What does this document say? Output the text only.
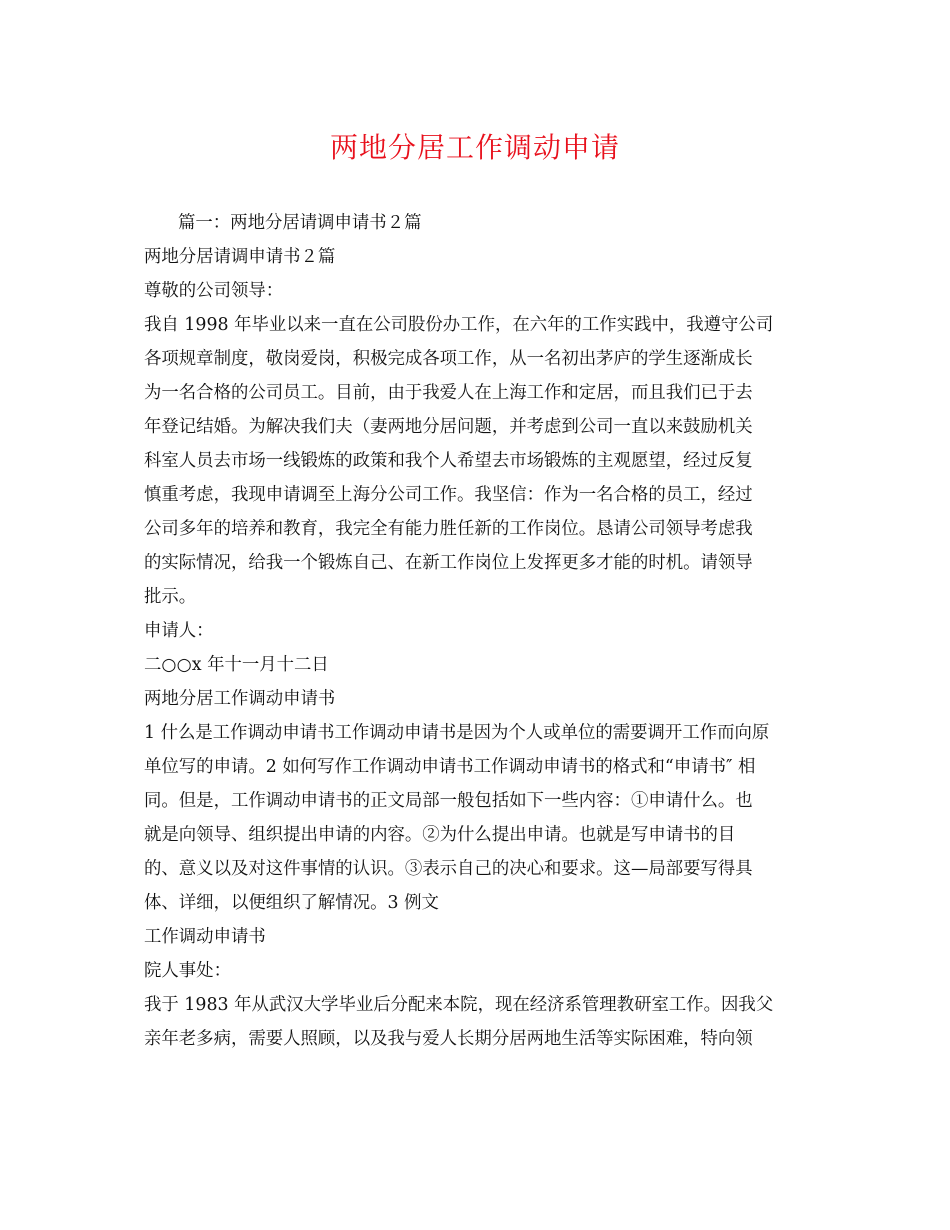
两地分居工作调动申请
篇一：两地分居请调申请书２篇
两地分居请调申请书２篇
尊敬的公司领导：
我自 1998 年毕业以来一直在公司股份办工作，在六年的工作实践中，我遵守公司
各项规章制度，敬岗爱岗，积极完成各项工作，从一名初出茅庐的学生逐渐成长
为一名合格的公司员工。目前，由于我爱人在上海工作和定居，而且我们已于去
年登记结婚。为解决我们夫（妻两地分居问题，并考虑到公司一直以来鼓励机关
科室人员去市场一线锻炼的政策和我个人希望去市场锻炼的主观愿望，经过反复
慎重考虑，我现申请调至上海分公司工作。我坚信：作为一名合格的员工，经过
公司多年的培养和教育，我完全有能力胜任新的工作岗位。恳请公司领导考虑我
的实际情况，给我一个锻炼自己、在新工作岗位上发挥更多才能的时机。请领导
批示。
申请人：
二○○x 年十一月十二日
两地分居工作调动申请书
1 什么是工作调动申请书工作调动申请书是因为个人或单位的需要调开工作而向原
单位写的申请。2 如何写作工作调动申请书工作调动申请书的格式和“申请书″ 相
同。但是，工作调动申请书的正文局部一般包括如下一些内容：①申请什么。也
就是向领导、组织提出申请的内容。②为什么提出申请。也就是写申请书的目
的、意义以及对这件事情的认识。③表示自己的决心和要求。这—局部要写得具
体、详细，以便组织了解情况。3 例文
工作调动申请书
院人事处：
我于 1983 年从武汉大学毕业后分配来本院，现在经济系管理教研室工作。因我父
亲年老多病，需要人照顾，以及我与爱人长期分居两地生活等实际困难，特向领
